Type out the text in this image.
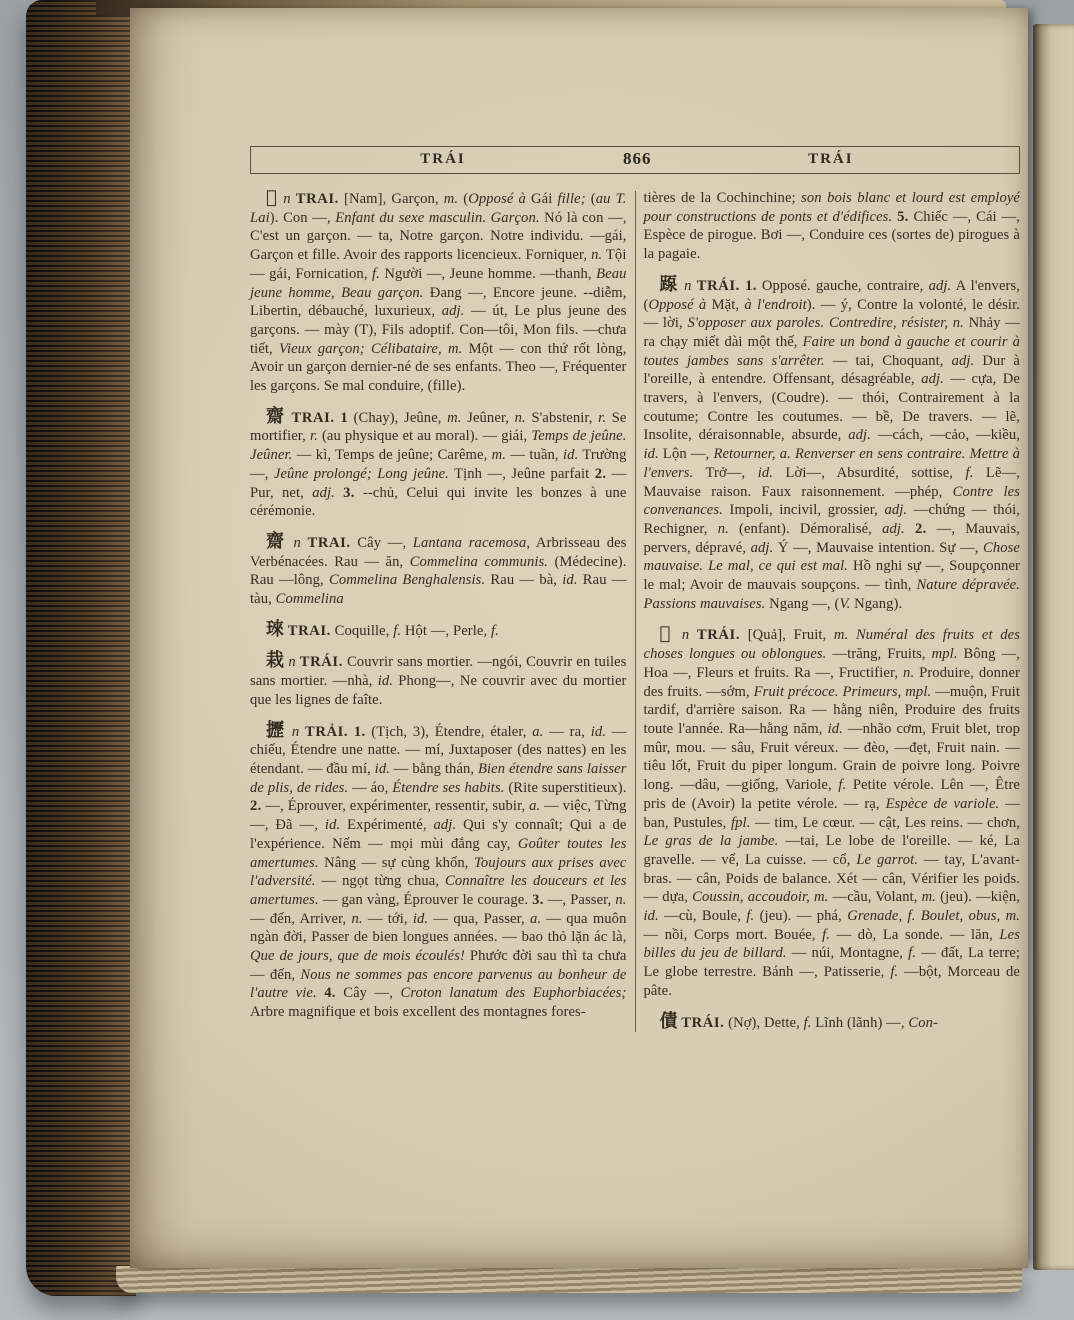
TRÁI	866	TRÁI

𤳆 n TRAI. [Nam], Garçon, m. (Opposé à Gái fille; (au T. Lai). Con —, Enfant du sexe masculin. Garçon. Nó là con —, C'est un garçon. — ta, Notre garçon. Notre individu. —gái, Garçon et fille. Avoir des rapports licencieux. Forniquer, n. Tội — gái, Fornication, f. Người —, Jeune homme. —thanh, Beau jeune homme, Beau garçon. Đang —, Encore jeune. --diễm, Libertin, débauché, luxurieux, adj. — út, Le plus jeune des garçons. — mày (T), Fils adoptif. Con—tôi, Mon fils. —chưa tiết, Vieux garçon; Célibataire, m. Một — con thứ rốt lòng, Avoir un garçon dernier-né de ses enfants. Theo —, Fréquenter les garçons. Se mal conduire, (fille).

齋 TRAI. 1 (Chay), Jeûne, m. Jeûner, n. S'abstenir, r. Se mortifier, r. (au physique et au moral). — giái, Temps de jeûne. Jeûner. — kì, Temps de jeûne; Carême, m. — tuần, id. Trường —, Jeûne prolongé; Long jeûne. Tịnh —, Jeûne parfait 2. — Pur, net, adj. 3. --chủ, Celui qui invite les bonzes à une cérémonie.

齋 n TRAI. Cây —, Lantana racemosa, Arbrisseau des Verbénacées. Rau — ăn, Commelina communis. (Médecine). Rau —lông, Commelina Benghalensis. Rau — bà, id. Rau — tàu, Commelina

琜 TRAI. Coquille, f. Hột —, Perle, f.

栽 n TRÁI. Couvrir sans mortier. —ngói, Couvrir en tuiles sans mortier. —nhà, id. Phong—, Ne couvrir avec du mortier que les lignes de faîte.

攊 n TRẢI. 1. (Tịch, 3), Étendre, étaler, a. — ra, id. — chiếu, Étendre une natte. — mí, Juxtaposer (des nattes) en les étendant. — đầu mí, id. — bằng thán, Bien étendre sans laisser de plis, de rides. — áo, Étendre ses habits. (Rite superstitieux). 2. —, Éprouver, expérimenter, ressentir, subir, a. — việc, Từng—, Đã —, id. Expérimenté, adj. Qui s'y connaît; Qui a de l'expérience. Nếm — mọi mùi đắng cay, Goûter toutes les amertumes. Nâng — sự cùng khốn, Toujours aux prises avec l'adversité. — ngọt từng chua, Connaître les douceurs et les amertumes. — gan vàng, Éprouver le courage. 3. —, Passer, n. — đến, Arriver, n. — tới, id. — qua, Passer, a. — qua muôn ngàn đời, Passer de bien longues années. — bao thỏ lặn ác là, Que de jours, que de mois écoulés! Phước đời sau thì ta chưa — đến, Nous ne sommes pas encore parvenus au bonheur de l'autre vie. 4. Cây —, Croton lanatum des Euphorbiacées; Arbre magnifique et bois excellent des montagnes fores-

tières de la Cochinchine; son bois blanc et lourd est employé pour constructions de ponts et d'édifices. 5. Chiếc —, Cái —, Espèce de pirogue. Bơi —, Conduire ces (sortes de) pirogues à la pagaie.

𨂽 n TRÁI. 1. Opposé. gauche, contraire, adj. A l'envers, (Opposé à Mặt, à l'endroit). — ý, Contre la volonté, le désir. — lời, S'opposer aux paroles. Contredire, résister, n. Nhảy — ra chạy miết dài một thế, Faire un bond à gauche et courir à toutes jambes sans s'arrêter. — tai, Choquant, adj. Dur à l'oreille, à entendre. Offensant, désagréable, adj. — cựa, De travers, à l'envers, (Coudre). — thói, Contrairement à la coutume; Contre les coutumes. — bề, De travers. — lẽ, Insolite, déraisonnable, absurde, adj. —cách, —cảo, —kiều, id. Lộn —, Retourner, a. Renverser en sens contraire. Mettre à l'envers. Trở—, id. Lời—, Absurdité, sottise, f. Lẽ—, Mauvaise raison. Faux raisonnement. —phép, Contre les convenances. Impoli, incivil, grossier, adj. —chứng — thói, Rechigner, n. (enfant). Démoralisé, adj. 2. —, Mauvais, pervers, dépravé, adj. Ý —, Mauvaise intention. Sự —, Chose mauvaise. Le mal, ce qui est mal. Hồ nghi sự —, Soupçonner le mal; Avoir de mauvais soupçons. — tình, Nature dépravée. Passions mauvaises. Ngang —, (V. Ngang).

𣛤 n TRÁI. [Quả], Fruit, m. Numéral des fruits et des choses longues ou oblongues. —trăng, Fruits, mpl. Bông —, Hoa —, Fleurs et fruits. Ra —, Fructifier, n. Produire, donner des fruits. —sớm, Fruit précoce. Primeurs, mpl. —muộn, Fruit tardif, d'arrière saison. Ra — hằng niên, Produire des fruits toute l'année. Ra—hằng năm, id. —nhão cơm, Fruit blet, trop mûr, mou. — sâu, Fruit véreux. — đèo, —đẹt, Fruit nain. —tiêu lốt, Fruit du piper longum. Grain de poivre long. Poivre long. —dâu, —giống, Variole, f. Petite vérole. Lên —, Être pris de (Avoir) la petite vérole. — rạ, Espèce de variole. — ban, Pustules, fpl. — tim, Le cœur. — cật, Les reins. — chơn, Le gras de la jambe. —tai, Le lobe de l'oreille. — ké, La gravelle. — vế, La cuisse. — cổ, Le garrot. — tay, L'avant-bras. — cân, Poids de balance. Xét — cân, Vérifier les poids. — dựa, Coussin, accoudoir, m. —cầu, Volant, m. (jeu). —kiện, id. —cù, Boule, f. (jeu). — phá, Grenade, f. Boulet, obus, m. — nồi, Corps mort. Bouée, f. — dò, La sonde. — lăn, Les billes du jeu de billard. — núi, Montagne, f. — đất, La terre; Le globe terrestre. Bánh —, Patisserie, f. —bột, Morceau de pâte.

債 TRÁI. (Nợ), Dette, f. Lĩnh (lãnh) —, Con-
